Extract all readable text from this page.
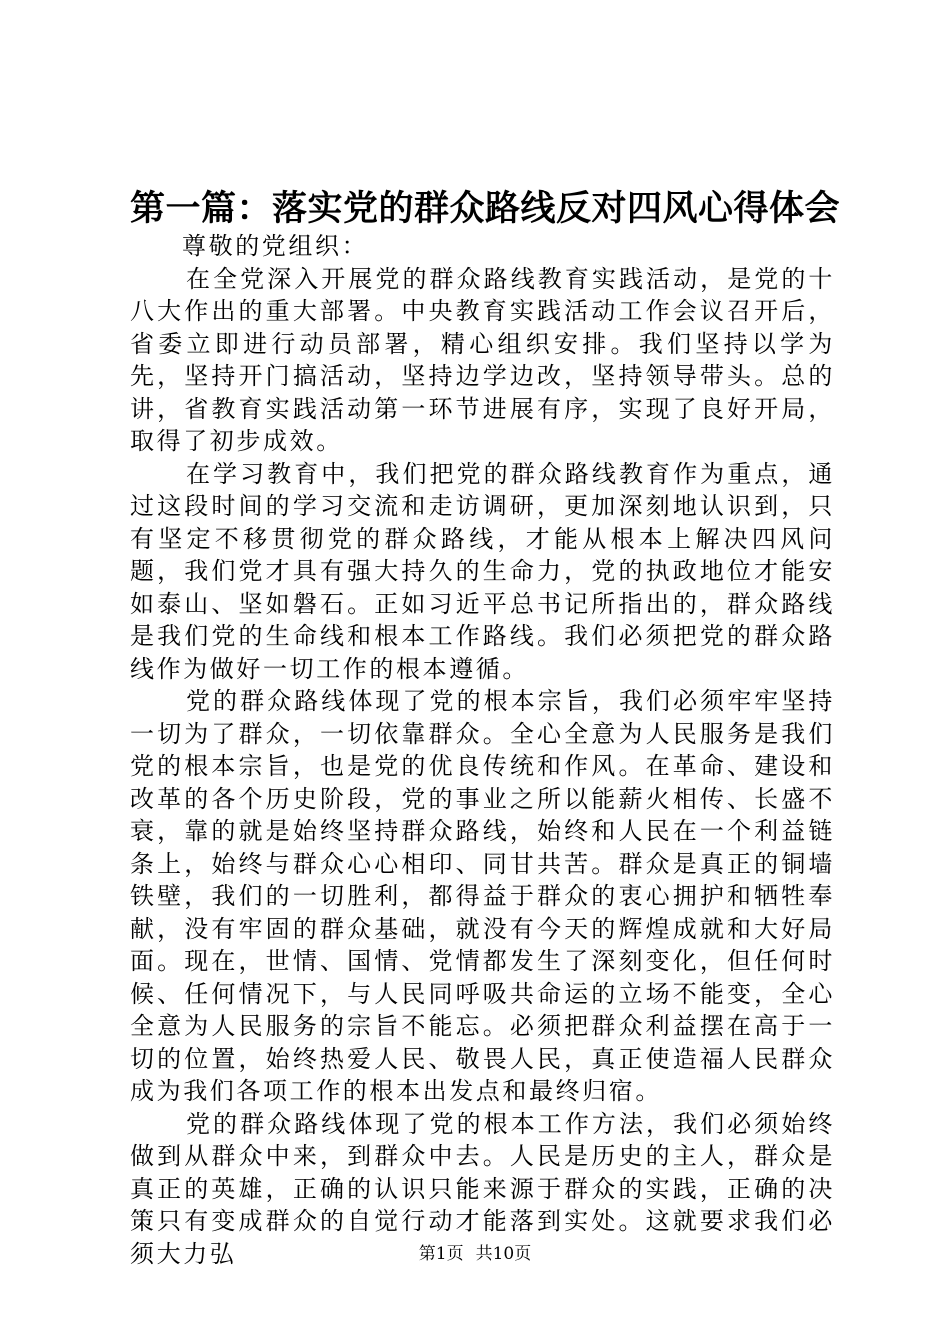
第一篇：落实党的群众路线反对四风心得体会

尊敬的党组织：

在全党深入开展党的群众路线教育实践活动，是党的十八大作出的重大部署。中央教育实践活动工作会议召开后，省委立即进行动员部署，精心组织安排。我们坚持以学为先，坚持开门搞活动，坚持边学边改，坚持领导带头。总的讲，省教育实践活动第一环节进展有序，实现了良好开局，取得了初步成效。

在学习教育中，我们把党的群众路线教育作为重点，通过这段时间的学习交流和走访调研，更加深刻地认识到，只有坚定不移贯彻党的群众路线，才能从根本上解决四风问题，我们党才具有强大持久的生命力，党的执政地位才能安如泰山、坚如磐石。正如习近平总书记所指出的，群众路线是我们党的生命线和根本工作路线。我们必须把党的群众路线作为做好一切工作的根本遵循。

党的群众路线体现了党的根本宗旨，我们必须牢牢坚持一切为了群众，一切依靠群众。全心全意为人民服务是我们党的根本宗旨，也是党的优良传统和作风。在革命、建设和改革的各个历史阶段，党的事业之所以能薪火相传、长盛不衰，靠的就是始终坚持群众路线，始终和人民在一个利益链条上，始终与群众心心相印、同甘共苦。群众是真正的铜墙铁壁，我们的一切胜利，都得益于群众的衷心拥护和牺牲奉献，没有牢固的群众基础，就没有今天的辉煌成就和大好局面。现在，世情、国情、党情都发生了深刻变化，但任何时候、任何情况下，与人民同呼吸共命运的立场不能变，全心全意为人民服务的宗旨不能忘。必须把群众利益摆在高于一切的位置，始终热爱人民、敬畏人民，真正使造福人民群众成为我们各项工作的根本出发点和最终归宿。

党的群众路线体现了党的根本工作方法，我们必须始终做到从群众中来，到群众中去。人民是历史的主人，群众是真正的英雄，正确的认识只能来源于群众的实践，正确的决策只有变成群众的自觉行动才能落到实处。这就要求我们必须大力弘	第1页 共10页
